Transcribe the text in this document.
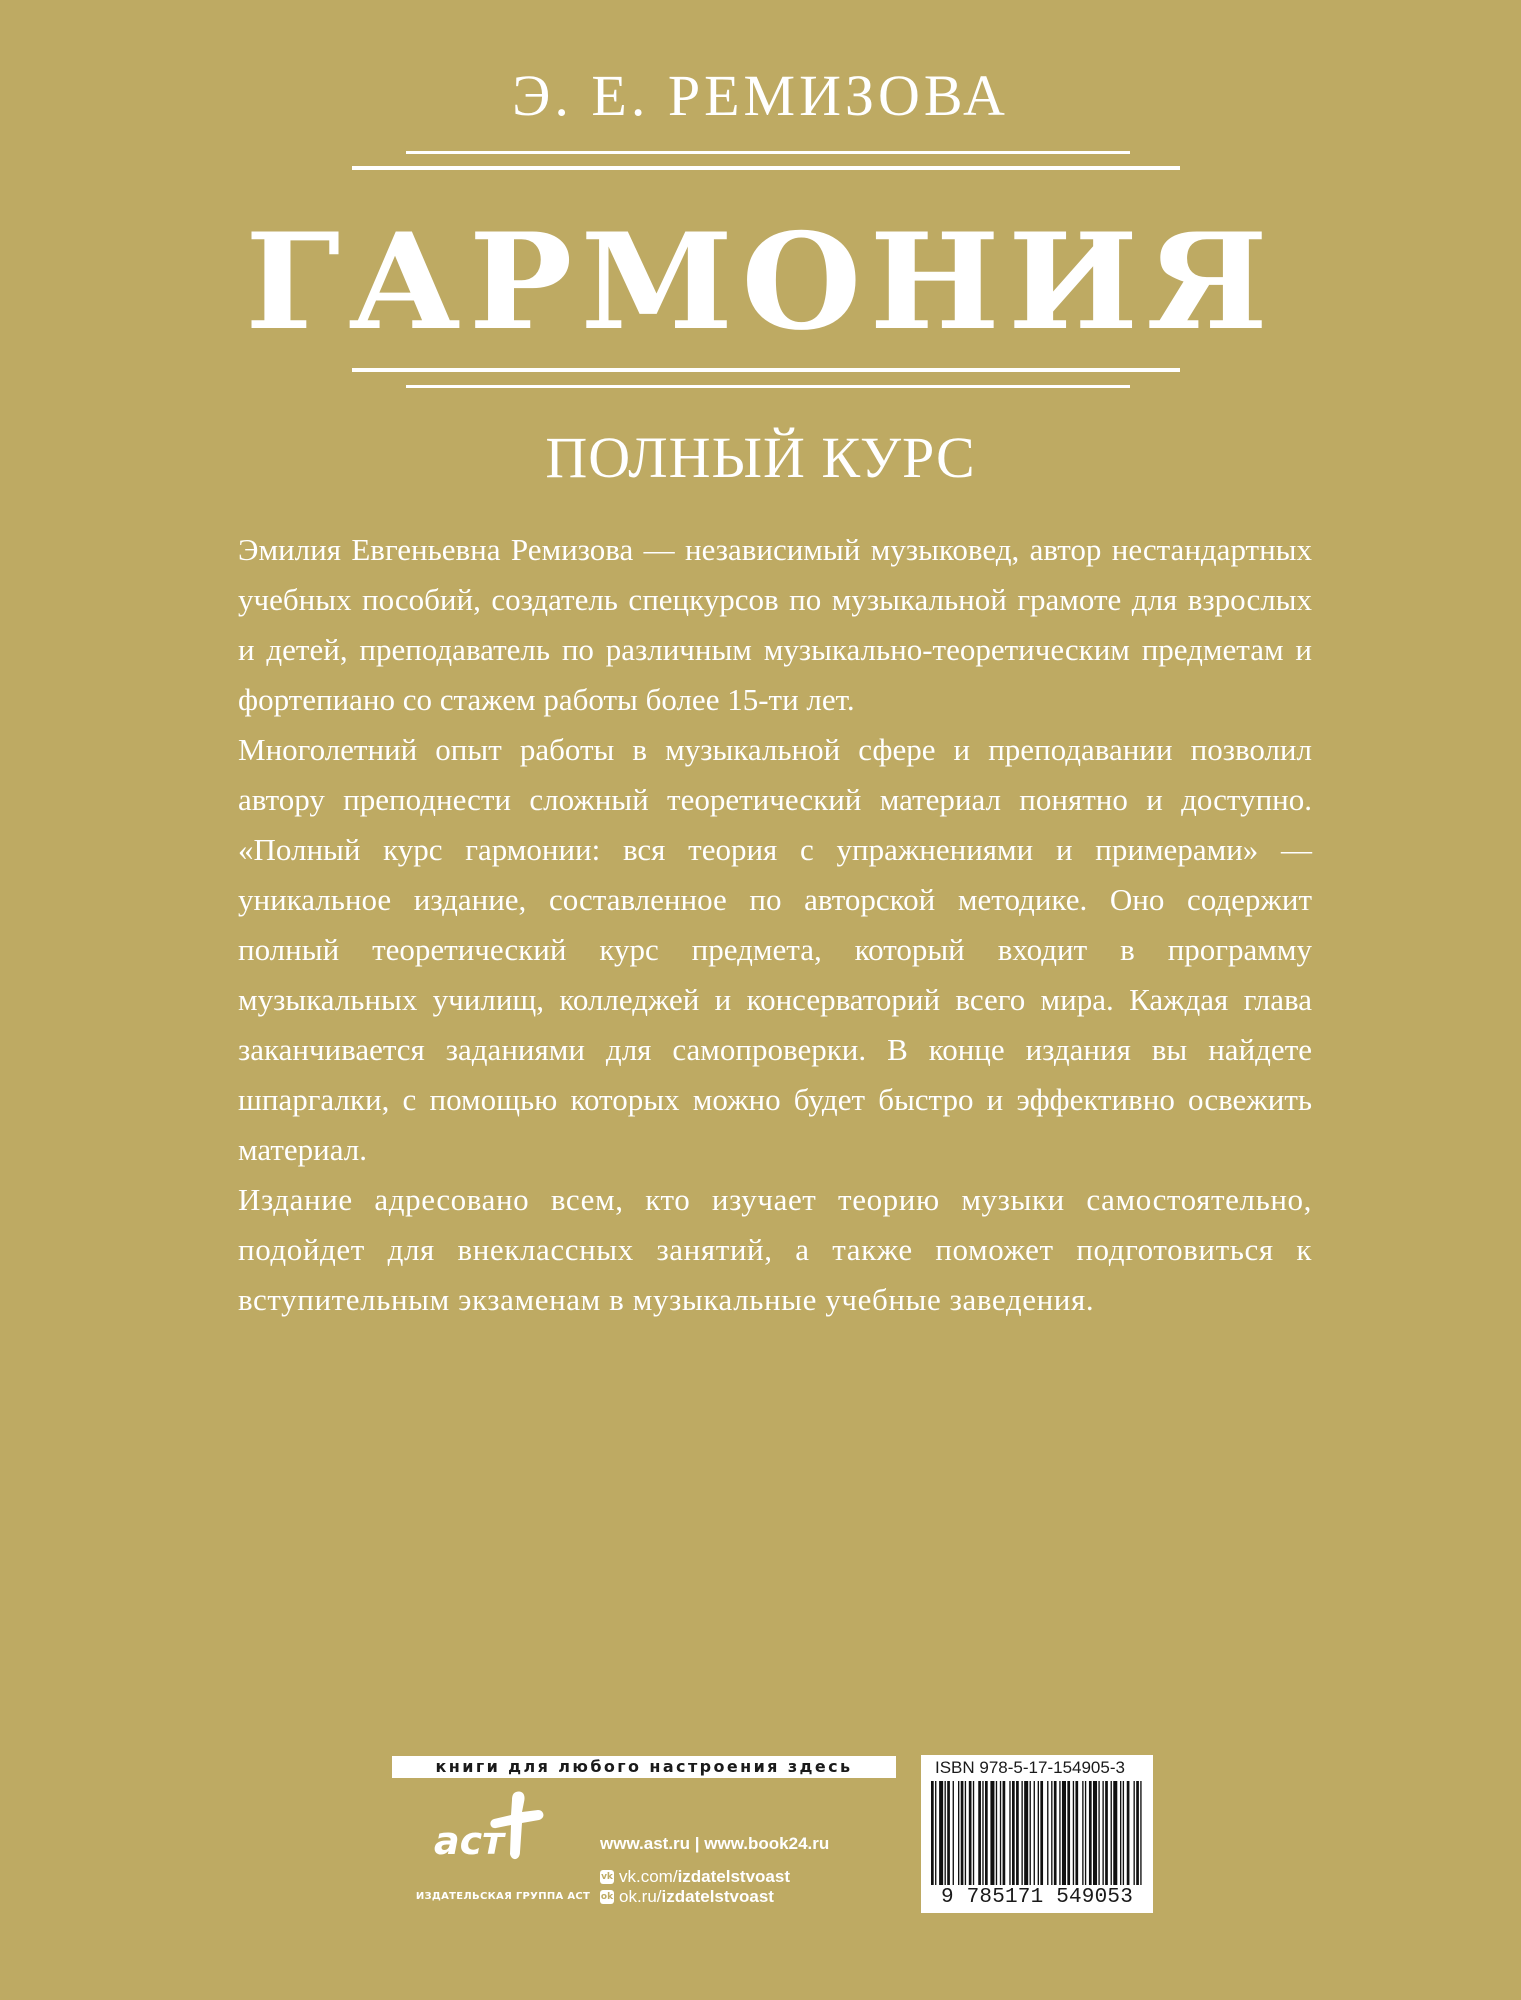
Э. Е. РЕМИЗОВА
ГАРМОНИЯ
ПОЛНЫЙ КУРС

Эмилия Евгеньевна Ремизова — независимый музыковед, автор нестандартных учебных пособий, создатель спецкурсов по музыкальной грамоте для взрослых и детей, преподаватель по различным музыкально-теоретическим предметам и фортепиано со стажем работы более 15-ти лет.

Многолетний опыт работы в музыкальной сфере и преподавании позволил автору преподнести сложный теоретический материал понятно и доступно. «Полный курс гармонии: вся теория с упражнениями и примерами» — уникальное издание, составленное по авторской методике. Оно содержит полный теоретический курс предмета, который входит в программу музыкальных училищ, колледжей и консерваторий всего мира. Каждая глава заканчивается заданиями для самопроверки. В конце издания вы найдете шпаргалки, с помощью которых можно будет быстро и эффективно освежить материал.

Издание адресовано всем, кто изучает теорию музыки самостоятельно, подойдет для внеклассных занятий, а также поможет подготовиться к вступительным экзаменам в музыкальные учебные заведения.

книги для любого настроения здесь
аст
ИЗДАТЕЛЬСКАЯ ГРУППА АСТ
www.ast.ru | www.book24.ru
vk vk.com/ izdatelstvoast
ok ok.ru/ izdatelstvoast
ISBN 978-5-17-154905-3
9 785171 549053
